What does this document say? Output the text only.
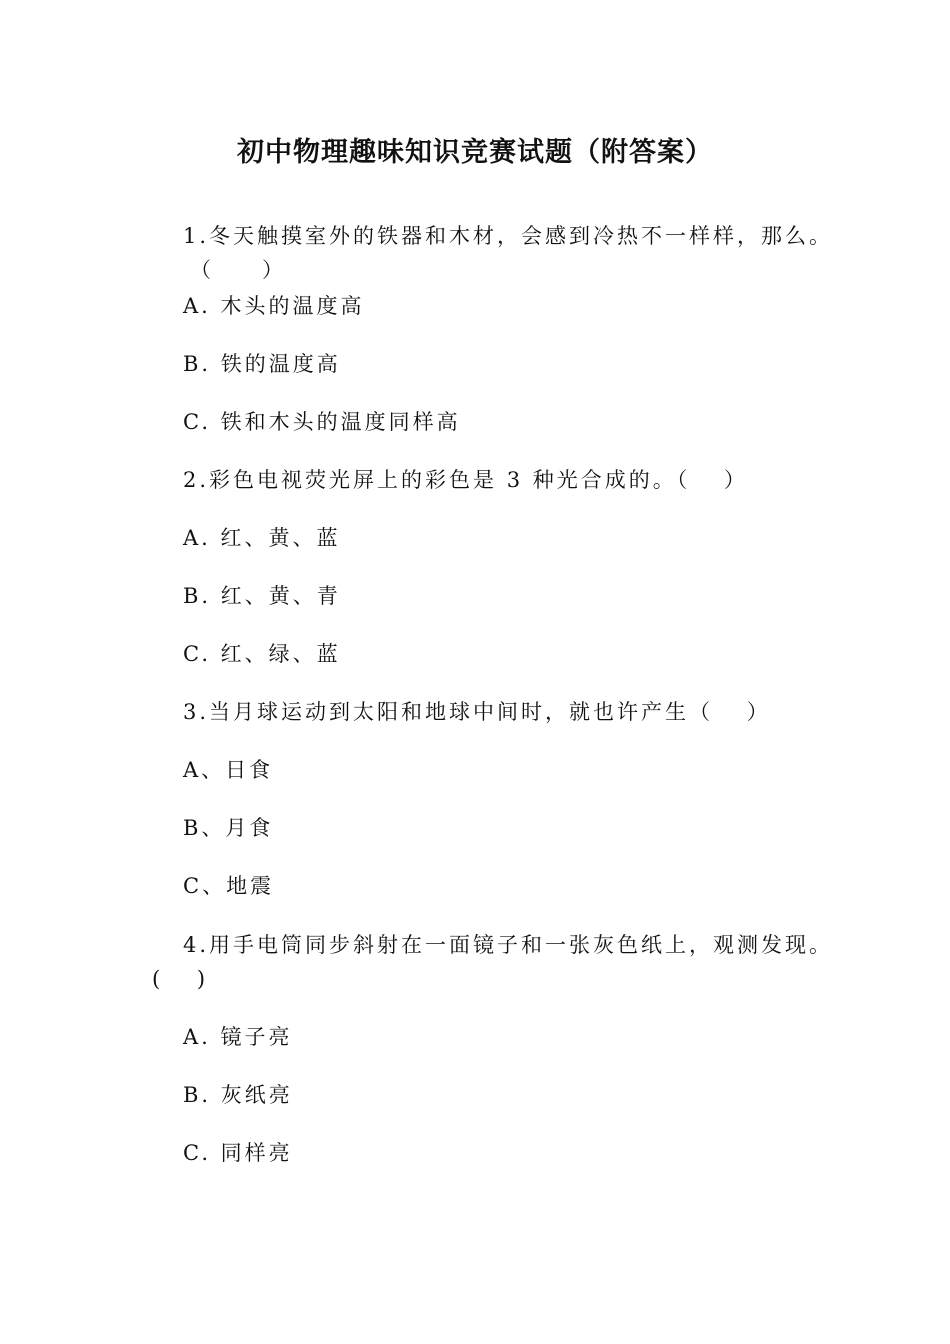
初中物理趣味知识竞赛试题（附答案）
1.冬天触摸室外的铁器和木材，会感到冷热不一样样，那么。
（　　）
A. 木头的温度高
B. 铁的温度高
C. 铁和木头的温度同样高
2.彩色电视荧光屏上的彩色是 3 种光合成的。（　 ）
A. 红、黄、蓝
B. 红、黄、青
C. 红、绿、蓝
3.当月球运动到太阳和地球中间时，就也许产生（　 ）
A、日食
B、月食
C、地震
4.用手电筒同步斜射在一面镜子和一张灰色纸上，观测发现。
(　 )
A. 镜子亮
B. 灰纸亮
C. 同样亮
